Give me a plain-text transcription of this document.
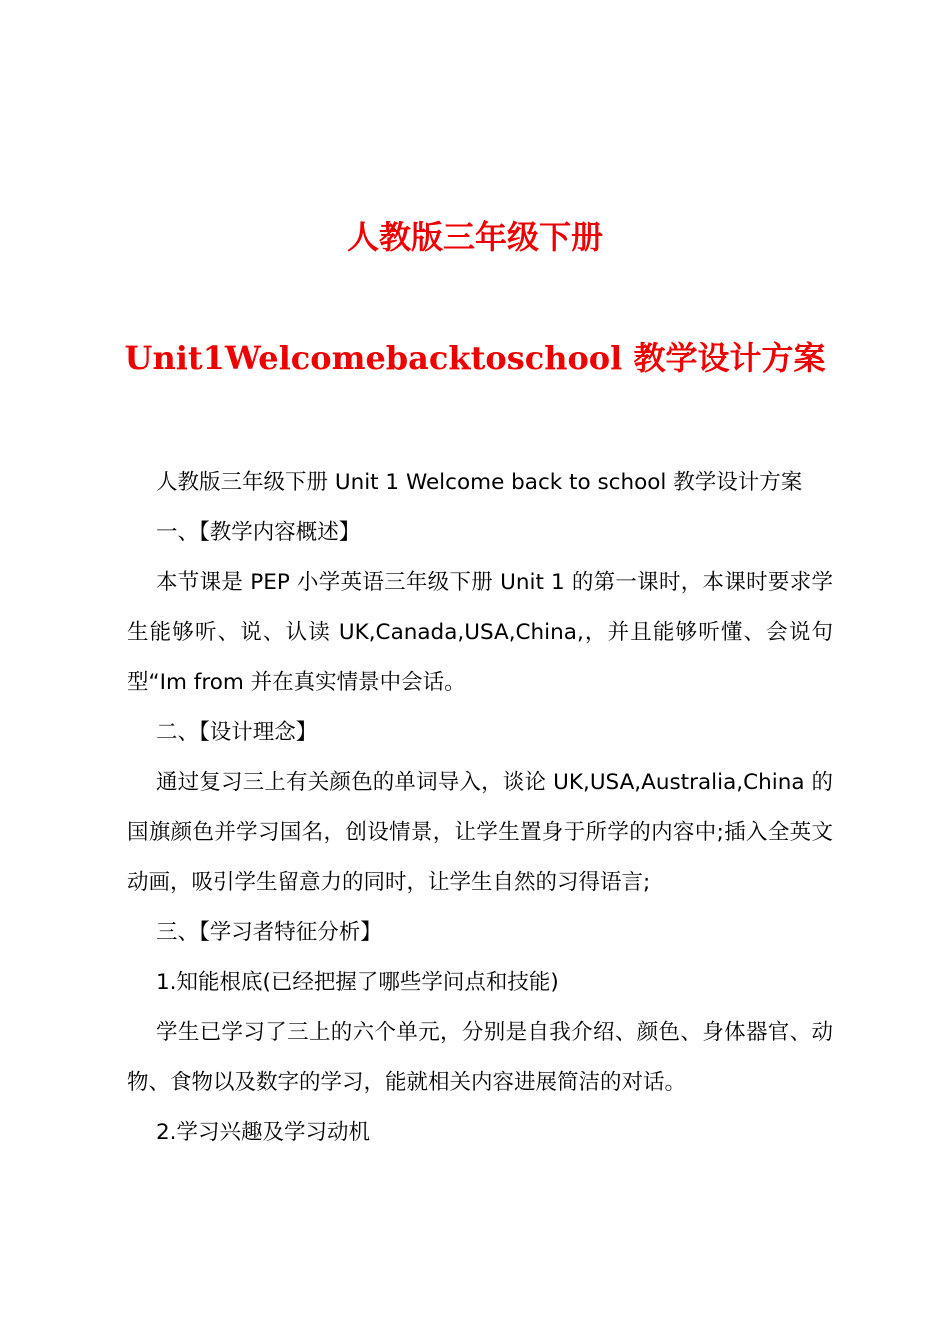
人教版三年级下册
Unit1Welcomebacktoschool 教学设计方案

人教版三年级下册 Unit 1 Welcome back to school 教学设计方案

一、【教学内容概述】

本节课是 PEP 小学英语三年级下册 Unit 1 的第一课时，本课时要求学生能够听、说、认读 UK,Canada,USA,China,，并且能够听懂、会说句型“Im from 并在真实情景中会话。

二、【设计理念】

通过复习三上有关颜色的单词导入，谈论 UK,USA,Australia,China 的国旗颜色并学习国名，创设情景，让学生置身于所学的内容中;插入全英文动画，吸引学生留意力的同时，让学生自然的习得语言;

三、【学习者特征分析】

1.知能根底(已经把握了哪些学问点和技能)

学生已学习了三上的六个单元，分别是自我介绍、颜色、身体器官、动物、食物以及数字的学习，能就相关内容进展简洁的对话。

2.学习兴趣及学习动机
